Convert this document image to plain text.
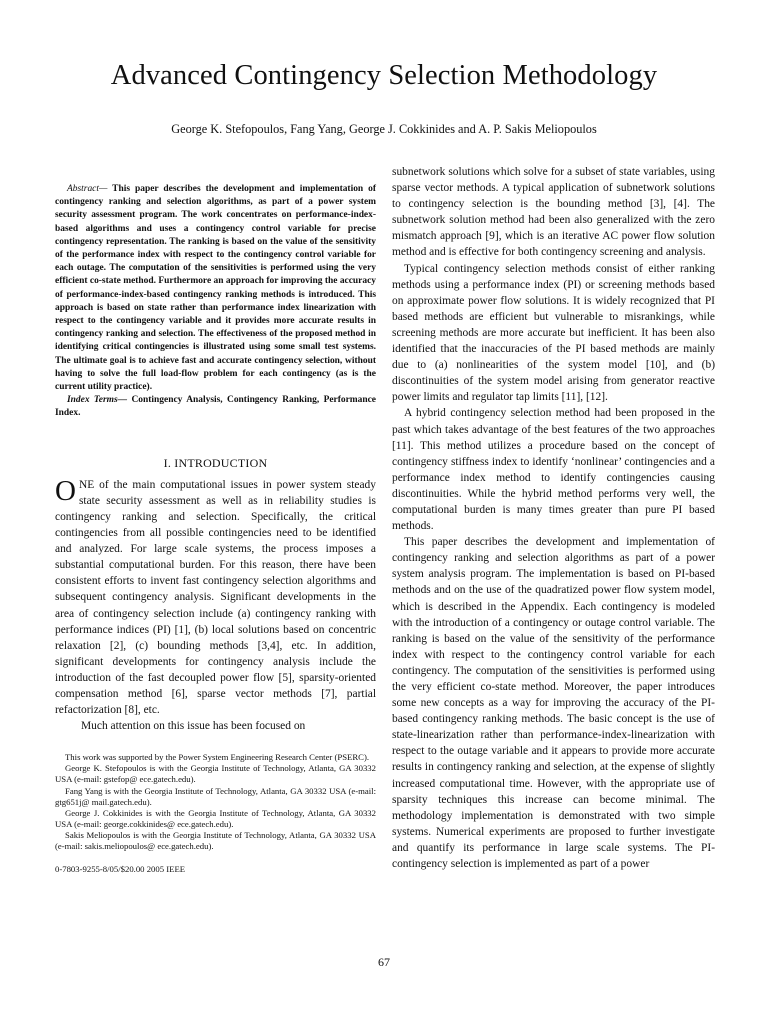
Advanced Contingency Selection Methodology
George K. Stefopoulos, Fang Yang, George J. Cokkinides and A. P. Sakis Meliopoulos
Abstract— This paper describes the development and implementation of contingency ranking and selection algorithms, as part of a power system security assessment program. The work concentrates on performance-index-based algorithms and uses a contingency control variable for precise contingency representation. The ranking is based on the value of the sensitivity of the performance index with respect to the contingency control variable for each outage. The computation of the sensitivities is performed using the very efficient co-state method. Furthermore an approach for improving the accuracy of performance-index-based contingency ranking methods is introduced. This approach is based on state rather than performance index linearization with respect to the contingency variable and it provides more accurate results in contingency ranking and selection. The effectiveness of the proposed method in identifying critical contingencies is illustrated using some small test systems. The ultimate goal is to achieve fast and accurate contingency selection, without having to solve the full load-flow problem for each contingency (as is the current utility practice).
Index Terms— Contingency Analysis, Contingency Ranking, Performance Index.
I. INTRODUCTION

ONE of the main computational issues in power system steady state security assessment as well as in reliability studies is contingency ranking and selection. Specifically, the critical contingencies from all possible contingencies need to be identified and analyzed. For large scale systems, the process imposes a substantial computational burden. For this reason, there have been consistent efforts to invent fast contingency selection algorithms and subsequent contingency analysis. Significant developments in the area of contingency selection include (a) contingency ranking with performance indices (PI) [1], (b) local solutions based on concentric relaxation [2], (c) bounding methods [3,4], etc. In addition, significant developments for contingency analysis include the introduction of the fast decoupled power flow [5], sparsity-oriented compensation method [6], sparse vector methods [7], partial refactorization [8], etc.

Much attention on this issue has been focused on

This work was supported by the Power System Engineering Research Center (PSERC).

George K. Stefopoulos is with the Georgia Institute of Technology, Atlanta, GA 30332 USA (e-mail: gstefop@ ece.gatech.edu).

Fang Yang is with the Georgia Institute of Technology, Atlanta, GA 30332 USA (e-mail: gtg651j@ mail.gatech.edu).

George J. Cokkinides is with the Georgia Institute of Technology, Atlanta, GA 30332 USA (e-mail: george.cokkinides@ ece.gatech.edu).

Sakis Meliopoulos is with the Georgia Institute of Technology, Atlanta, GA 30332 USA (e-mail: sakis.meliopoulos@ ece.gatech.edu).

0-7803-9255-8/05/$20.00 2005 IEEE

subnetwork solutions which solve for a subset of state variables, using sparse vector methods. A typical application of subnetwork solutions to contingency selection is the bounding method [3], [4]. The subnetwork solution method had been also generalized with the zero mismatch approach [9], which is an iterative AC power flow solution method and is effective for both contingency screening and analysis.

Typical contingency selection methods consist of either ranking methods using a performance index (PI) or screening methods based on approximate power flow solutions. It is widely recognized that PI based methods are efficient but vulnerable to misrankings, while screening methods are more accurate but inefficient. It has been also identified that the inaccuracies of the PI based methods are mainly due to (a) nonlinearities of the system model [10], and (b) discontinuities of the system model arising from generator reactive power limits and regulator tap limits [11], [12].

A hybrid contingency selection method had been proposed in the past which takes advantage of the best features of the two approaches [11]. This method utilizes a procedure based on the concept of contingency stiffness index to identify ‘nonlinear’ contingencies and a performance index method to identify contingencies causing discontinuities. While the hybrid method performs very well, the computational burden is many times greater than pure PI based methods.

This paper describes the development and implementation of contingency ranking and selection algorithms as part of a power system analysis program. The implementation is based on PI-based methods and on the use of the quadratized power flow system model, which is described in the Appendix. Each contingency is modeled with the introduction of a contingency or outage control variable. The ranking is based on the value of the sensitivity of the performance index with respect to the contingency control variable for each contingency. The computation of the sensitivities is performed using the very efficient co-state method. Moreover, the paper introduces some new concepts as a way for improving the accuracy of the PI-based contingency ranking methods. The basic concept is the use of state-linearization rather than performance-index-linearization with respect to the outage variable and it appears to provide more accurate results in contingency ranking and selection, at the expense of slightly increased computational time. However, with the appropriate use of sparsity techniques this increase can become minimal. The methodology implementation is demonstrated with two simple systems. Numerical experiments are proposed to further investigate and quantify its performance in large scale systems. The PI-contingency selection is implemented as part of a power

67
